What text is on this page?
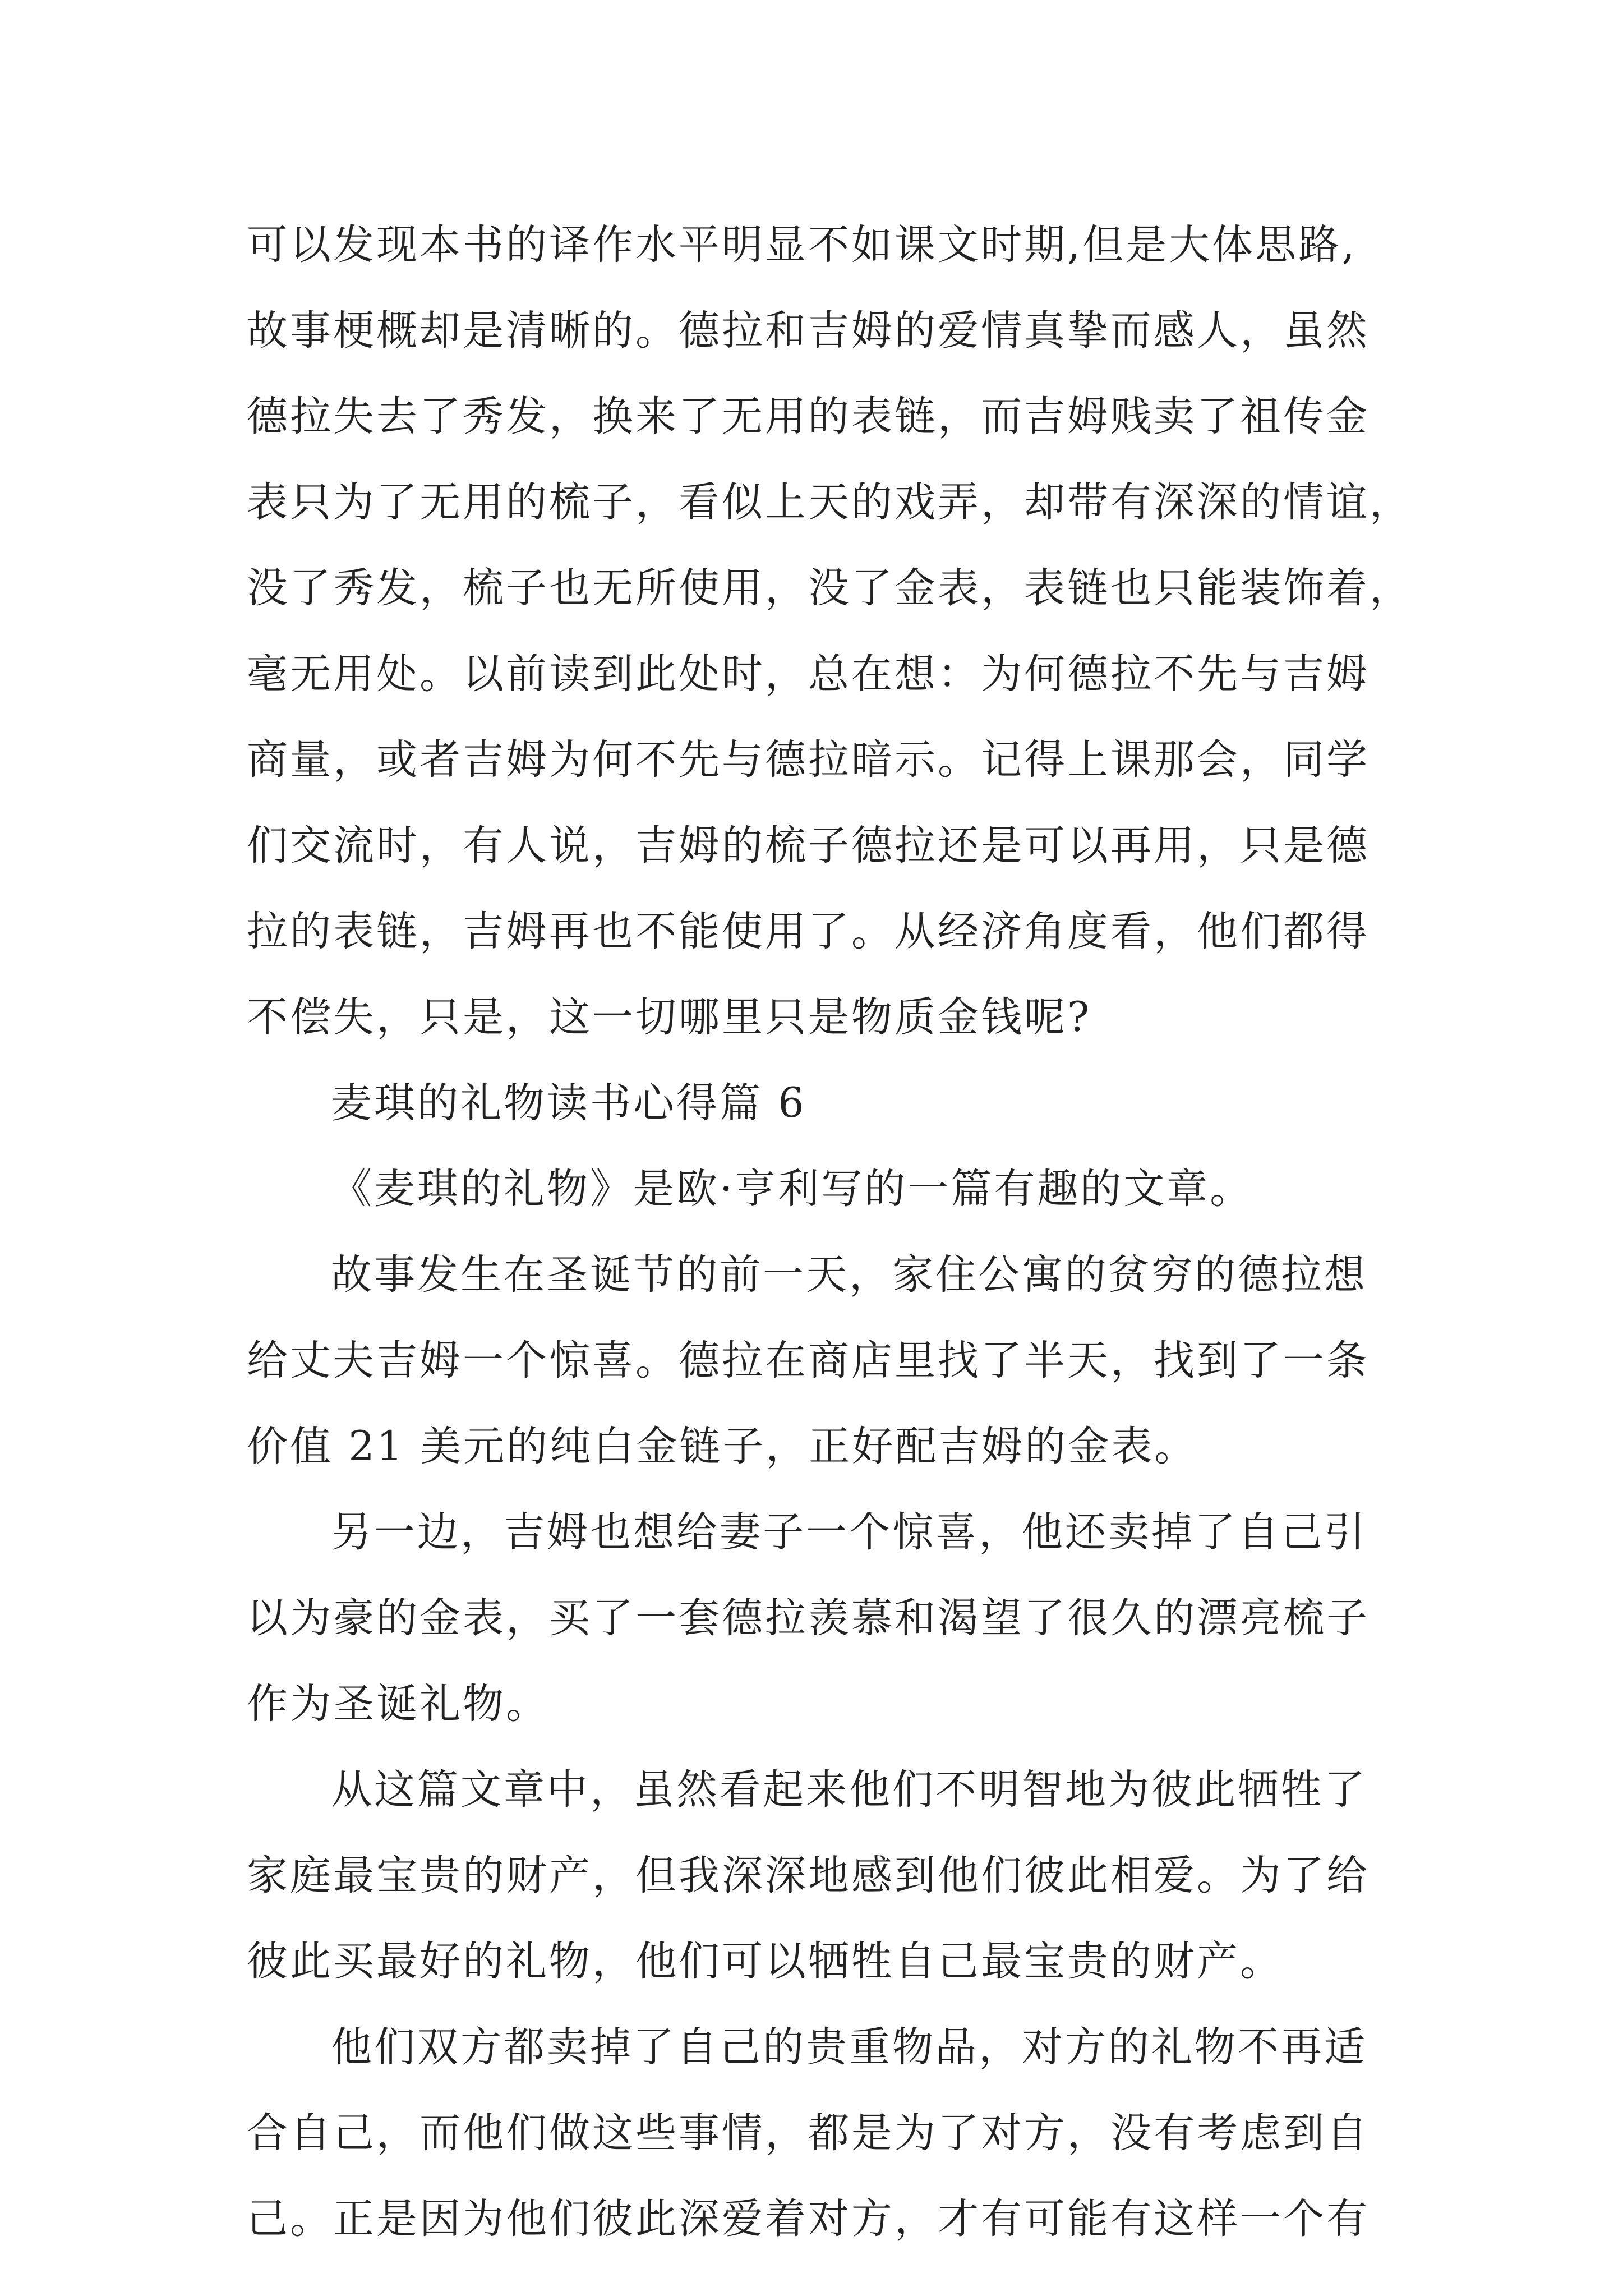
可以发现本书的译作水平明显不如课文时期,但是大体思路,
故事梗概却是清晰的。德拉和吉姆的爱情真挚而感人，虽然
德拉失去了秀发，换来了无用的表链，而吉姆贱卖了祖传金
表只为了无用的梳子，看似上天的戏弄，却带有深深的情谊，
没了秀发，梳子也无所使用，没了金表，表链也只能装饰着，
毫无用处。以前读到此处时，总在想：为何德拉不先与吉姆
商量，或者吉姆为何不先与德拉暗示。记得上课那会，同学
们交流时，有人说，吉姆的梳子德拉还是可以再用，只是德
拉的表链，吉姆再也不能使用了。从经济角度看，他们都得
不偿失，只是，这一切哪里只是物质金钱呢?
麦琪的礼物读书心得篇 6
《麦琪的礼物》是欧·亨利写的一篇有趣的文章。
故事发生在圣诞节的前一天，家住公寓的贫穷的德拉想
给丈夫吉姆一个惊喜。德拉在商店里找了半天，找到了一条
价值 21 美元的纯白金链子，正好配吉姆的金表。
另一边，吉姆也想给妻子一个惊喜，他还卖掉了自己引
以为豪的金表，买了一套德拉羡慕和渴望了很久的漂亮梳子
作为圣诞礼物。
从这篇文章中，虽然看起来他们不明智地为彼此牺牲了
家庭最宝贵的财产，但我深深地感到他们彼此相爱。为了给
彼此买最好的礼物，他们可以牺牲自己最宝贵的财产。
他们双方都卖掉了自己的贵重物品，对方的礼物不再适
合自己，而他们做这些事情，都是为了对方，没有考虑到自
己。正是因为他们彼此深爱着对方，才有可能有这样一个有
